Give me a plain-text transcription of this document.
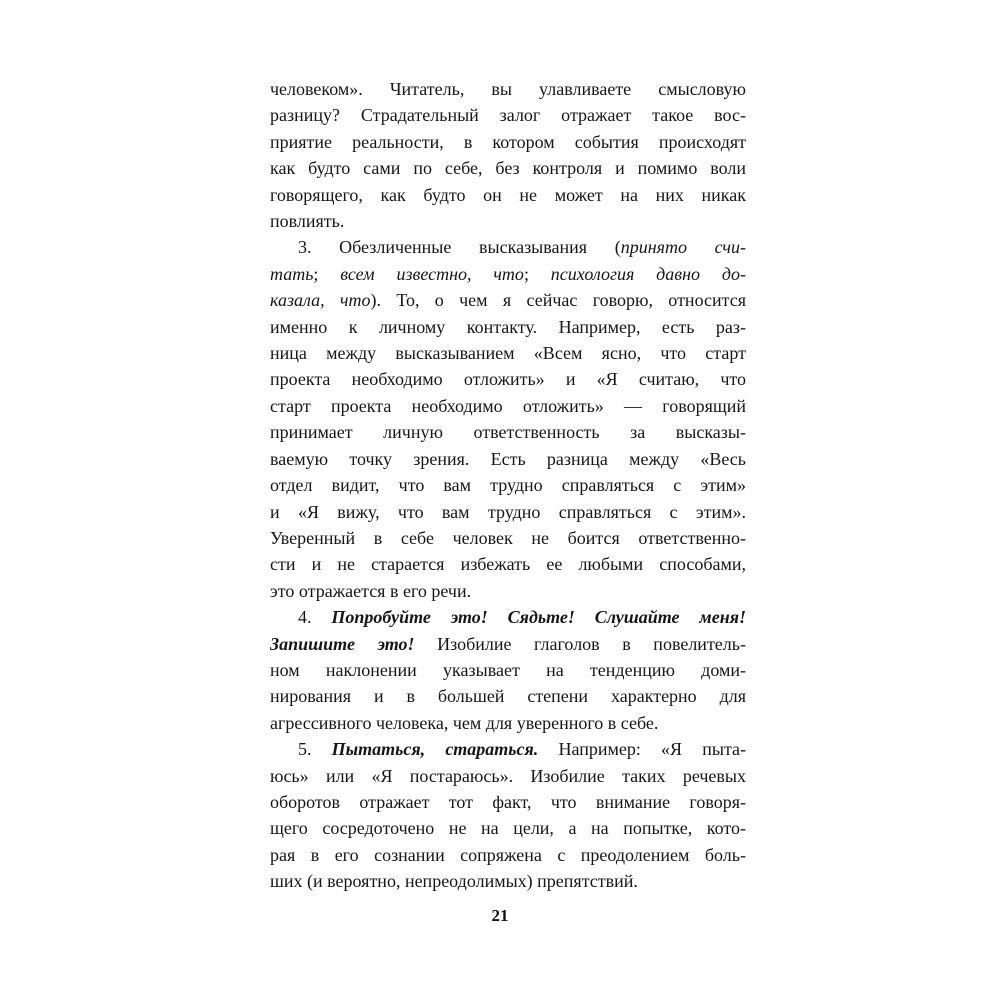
человеком». Читатель, вы улавливаете смысловую
разницу? Страдательный залог отражает такое вос-
приятие реальности, в котором события происходят
как будто сами по себе, без контроля и помимо воли
говорящего, как будто он не может на них никак
повлиять.
3. Обезличенные высказывания (принято счи-
тать; всем известно, что; психология давно до-
казала, что). То, о чем я сейчас говорю, относится
именно к личному контакту. Например, есть раз-
ница между высказыванием «Всем ясно, что старт
проекта необходимо отложить» и «Я считаю, что
старт проекта необходимо отложить» — говорящий
принимает личную ответственность за высказы-
ваемую точку зрения. Есть разница между «Весь
отдел видит, что вам трудно справляться с этим»
и «Я вижу, что вам трудно справляться с этим».
Уверенный в себе человек не боится ответственно-
сти и не старается избежать ее любыми способами,
это отражается в его речи.
4. Попробуйте это! Сядьте! Слушайте меня!
Запишите это! Изобилие глаголов в повелитель-
ном наклонении указывает на тенденцию доми-
нирования и в большей степени характерно для
агрессивного человека, чем для уверенного в себе.
5. Пытаться, стараться. Например: «Я пыта-
юсь» или «Я постараюсь». Изобилие таких речевых
оборотов отражает тот факт, что внимание говоря-
щего сосредоточено не на цели, а на попытке, кото-
рая в его сознании сопряжена с преодолением боль-
ших (и вероятно, непреодолимых) препятствий.
21
